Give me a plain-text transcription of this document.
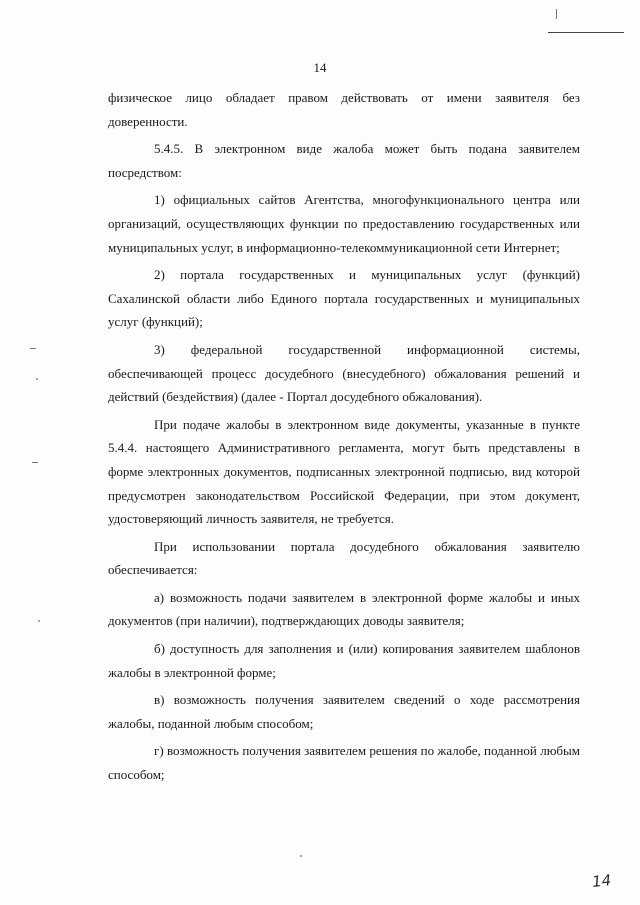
14

физическое лицо обладает правом действовать от имени заявителя без доверенности.

5.4.5. В электронном виде жалоба может быть подана заявителем посредством:

1) официальных сайтов Агентства, многофункционального центра или организаций, осуществляющих функции по предоставлению государственных или муниципальных услуг, в информационно-телекоммуникационной сети Интернет;

2) портала государственных и муниципальных услуг (функций) Сахалинской области либо Единого портала государственных и муниципальных услуг (функций);

3) федеральной государственной информационной системы, обеспечивающей процесс досудебного (внесудебного) обжалования решений и действий (бездействия) (далее - Портал досудебного обжалования).

При подаче жалобы в электронном виде документы, указанные в пункте 5.4.4. настоящего Административного регламента, могут быть представлены в форме электронных документов, подписанных электронной подписью, вид которой предусмотрен законодательством Российской Федерации, при этом документ, удостоверяющий личность заявителя, не требуется.

При использовании портала досудебного обжалования заявителю обеспечивается:

а) возможность подачи заявителем в электронной форме жалобы и иных документов (при наличии), подтверждающих доводы заявителя;

б) доступность для заполнения и (или) копирования заявителем шаблонов жалобы в электронной форме;

в) возможность получения заявителем сведений о ходе рассмотрения жалобы, поданной любым способом;

г) возможность получения заявителем решения по жалобе, поданной любым способом;

14
